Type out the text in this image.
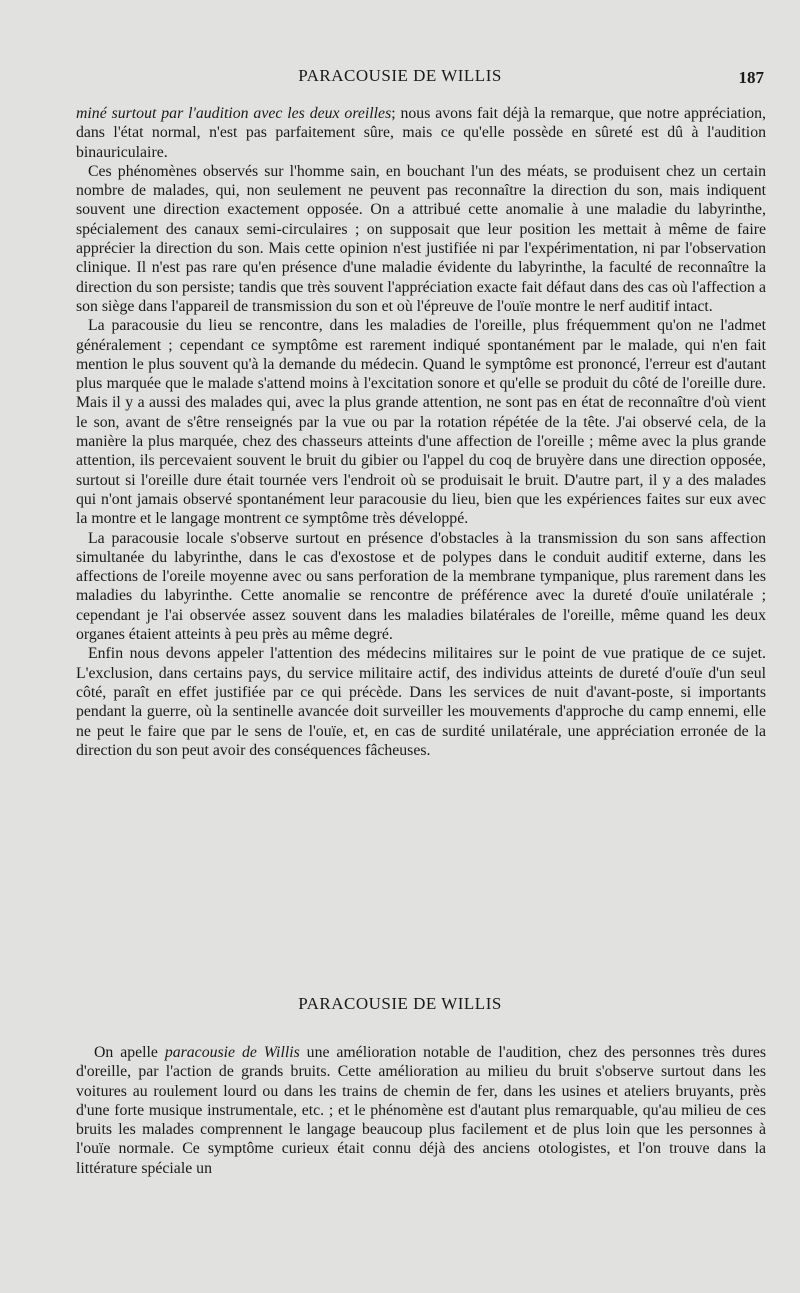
PARACOUSIE DE WILLIS	187

miné surtout par l'audition avec les deux oreilles; nous avons fait déjà la remarque, que notre appréciation, dans l'état normal, n'est pas parfaitement sûre, mais ce qu'elle possède en sûreté est dû à l'audition binauriculaire.

Ces phénomènes observés sur l'homme sain, en bouchant l'un des méats, se produisent chez un certain nombre de malades, qui, non seulement ne peuvent pas reconnaître la direction du son, mais indiquent souvent une direction exactement opposée. On a attribué cette anomalie à une maladie du labyrinthe, spécialement des canaux semi-circulaires ; on supposait que leur position les mettait à même de faire apprécier la direction du son. Mais cette opinion n'est justifiée ni par l'expérimentation, ni par l'observation clinique. Il n'est pas rare qu'en présence d'une maladie évidente du labyrinthe, la faculté de reconnaître la direction du son persiste; tandis que très souvent l'appréciation exacte fait défaut dans des cas où l'affection a son siège dans l'appareil de transmission du son et où l'épreuve de l'ouïe montre le nerf auditif intact.

La paracousie du lieu se rencontre, dans les maladies de l'oreille, plus fréquemment qu'on ne l'admet généralement ; cependant ce symptôme est rarement indiqué spontanément par le malade, qui n'en fait mention le plus souvent qu'à la demande du médecin. Quand le symptôme est prononcé, l'erreur est d'autant plus marquée que le malade s'attend moins à l'excitation sonore et qu'elle se produit du côté de l'oreille dure. Mais il y a aussi des malades qui, avec la plus grande attention, ne sont pas en état de reconnaître d'où vient le son, avant de s'être renseignés par la vue ou par la rotation répétée de la tête. J'ai observé cela, de la manière la plus marquée, chez des chasseurs atteints d'une affection de l'oreille ; même avec la plus grande attention, ils percevaient souvent le bruit du gibier ou l'appel du coq de bruyère dans une direction opposée, surtout si l'oreille dure était tournée vers l'endroit où se produisait le bruit. D'autre part, il y a des malades qui n'ont jamais observé spontanément leur paracousie du lieu, bien que les expériences faites sur eux avec la montre et le langage montrent ce symptôme très développé.

La paracousie locale s'observe surtout en présence d'obstacles à la transmission du son sans affection simultanée du labyrinthe, dans le cas d'exostose et de polypes dans le conduit auditif externe, dans les affections de l'oreile moyenne avec ou sans perforation de la membrane tympanique, plus rarement dans les maladies du labyrinthe. Cette anomalie se rencontre de préférence avec la dureté d'ouïe unilatérale ; cependant je l'ai observée assez souvent dans les maladies bilatérales de l'oreille, même quand les deux organes étaient atteints à peu près au même degré.

Enfin nous devons appeler l'attention des médecins militaires sur le point de vue pratique de ce sujet. L'exclusion, dans certains pays, du service militaire actif, des individus atteints de dureté d'ouïe d'un seul côté, paraît en effet justifiée par ce qui précède. Dans les services de nuit d'avant-poste, si importants pendant la guerre, où la sentinelle avancée doit surveiller les mouvements d'approche du camp ennemi, elle ne peut le faire que par le sens de l'ouïe, et, en cas de surdité unilatérale, une appréciation erronée de la direction du son peut avoir des conséquences fâcheuses.

PARACOUSIE DE WILLIS

On apelle paracousie de Willis une amélioration notable de l'audition, chez des personnes très dures d'oreille, par l'action de grands bruits. Cette amélioration au milieu du bruit s'observe surtout dans les voitures au roulement lourd ou dans les trains de chemin de fer, dans les usines et ateliers bruyants, près d'une forte musique instrumentale, etc. ; et le phénomène est d'autant plus remarquable, qu'au milieu de ces bruits les malades comprennent le langage beaucoup plus facilement et de plus loin que les personnes à l'ouïe normale. Ce symptôme curieux était connu déjà des anciens otologistes, et l'on trouve dans la littérature spéciale un
